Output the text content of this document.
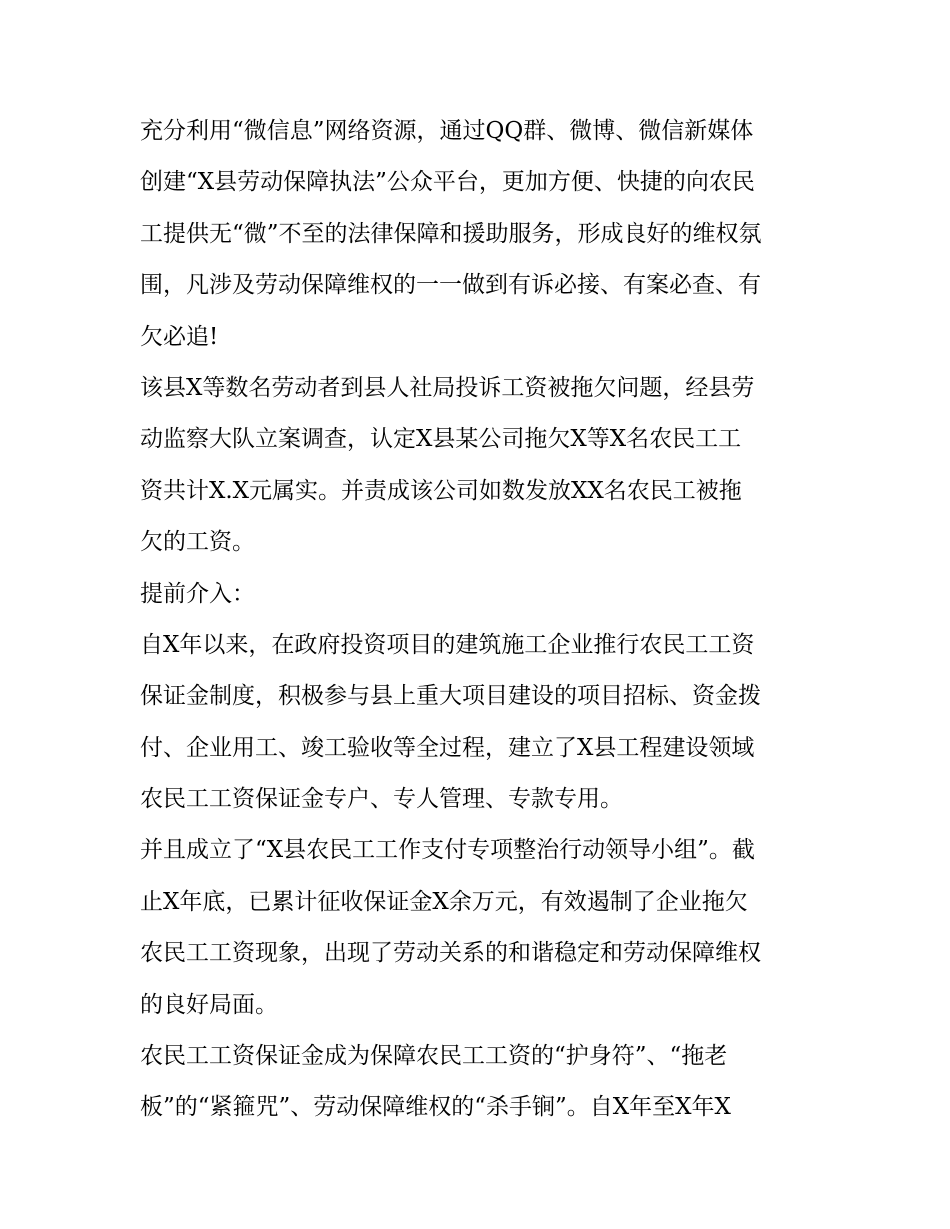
充分利用“微信息”网络资源，通过QQ群、微博、微信新媒体
创建“X县劳动保障执法”公众平台，更加方便、快捷的向农民
工提供无“微”不至的法律保障和援助服务，形成良好的维权氛
围，凡涉及劳动保障维权的一一做到有诉必接、有案必查、有
欠必追!
该县X等数名劳动者到县人社局投诉工资被拖欠问题，经县劳
动监察大队立案调查，认定X县某公司拖欠X等X名农民工工
资共计X.X元属实。并责成该公司如数发放XX名农民工被拖
欠的工资。
提前介入：
自X年以来，在政府投资项目的建筑施工企业推行农民工工资
保证金制度，积极参与县上重大项目建设的项目招标、资金拨
付、企业用工、竣工验收等全过程，建立了X县工程建设领域
农民工工资保证金专户、专人管理、专款专用。
并且成立了“X县农民工工作支付专项整治行动领导小组”。截
止X年底，已累计征收保证金X余万元，有效遏制了企业拖欠
农民工工资现象，出现了劳动关系的和谐稳定和劳动保障维权
的良好局面。
农民工工资保证金成为保障农民工工资的“护身符”、“拖老
板”的“紧箍咒”、劳动保障维权的“杀手锏”。自X年至X年X
